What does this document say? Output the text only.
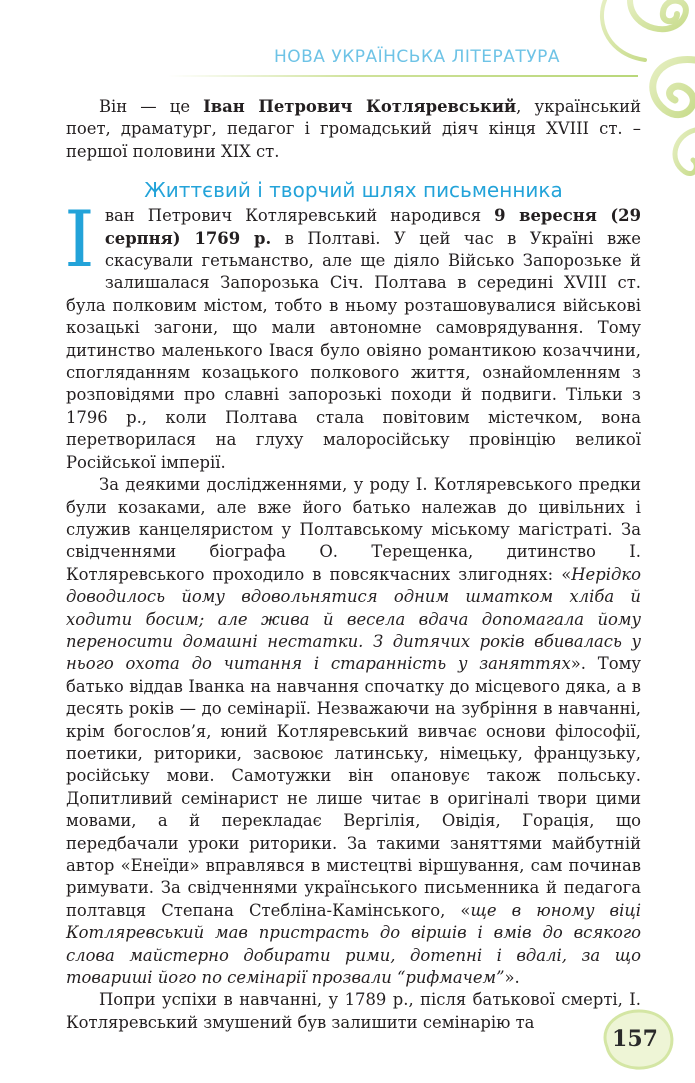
НОВА УКРАЇНСЬКА ЛІТЕРАТУРА

Він — це Іван Петрович Котляревський, український поет, драматург, педагог і громадський діяч кінця XVIII ст. – першої половини XIX ст.

Життєвий і творчий шлях письменника

Іван Петрович Котляревський народився 9 вересня (29 серпня) 1769 р. в Полтаві. У цей час в Україні вже скасували гетьманство, але ще діяло Військо Запорозьке й залишалася Запорозька Січ. Полтава в середині XVIII ст. була полковим містом, тобто в ньому розташовувалися військові козацькі загони, що мали автономне самоврядування. Тому дитинство маленького Івася було овіяно романтикою козаччини, споглядaнням козацького полкового життя, ознайомленням з розповідями про славні запорозькі походи й подвиги. Тільки з 1796 р., коли Полтава стала повітовим містечком, вона перетворилася на глуху малоросійську провінцію великої Російської імперії.

За деякими дослідженнями, у роду І. Котляревського предки були козаками, але вже його батько належав до цивільних і служив канцеляристом у Полтавському міському магістраті. За свідченнями біографа О. Терещенка, дитинство І. Котляревського проходило в повсякчасних злигоднях: «Нерідко доводилось йому вдовольнятися одним шматком хліба й ходити босим; але жива й весела вдача допомагала йому переносити домашні нестатки. З дитячих років вбивалась у нього охота до читання і старанність у заняттях». Тому батько віддав Іванка на навчання спочатку до місцевого дяка, а в десять років — до семінарії. Незважаючи на зубріння в навчанні, крім богослов’я, юний Котляревський вивчає основи філософії, поетики, риторики, засвоює латинську, німецьку, французьку, російську мови. Самотужки він опановує також польську. Допитливий семінарист не лише читає в оригіналі твори цими мовами, а й перекладає Вергілія, Овідія, Горація, що передбачали уроки риторики. За такими заняттями майбутній автор «Енеїди» вправлявся в мистецтві віршування, сам починав римувати. За свідченнями українського письменника й педагога полтавця Степана Стебліна-Камінського, «ще в юному віці Котляревський мав пристрасть до віршів і вмів до всякого слова майстерно добирати рими, дотепні і вдалі, за що товариші його по семінарії прозвали “рифмачем”».

Попри успіхи в навчанні, у 1789 р., після батькової смерті, І. Котляревський змушений був залишити семінарію та

157
